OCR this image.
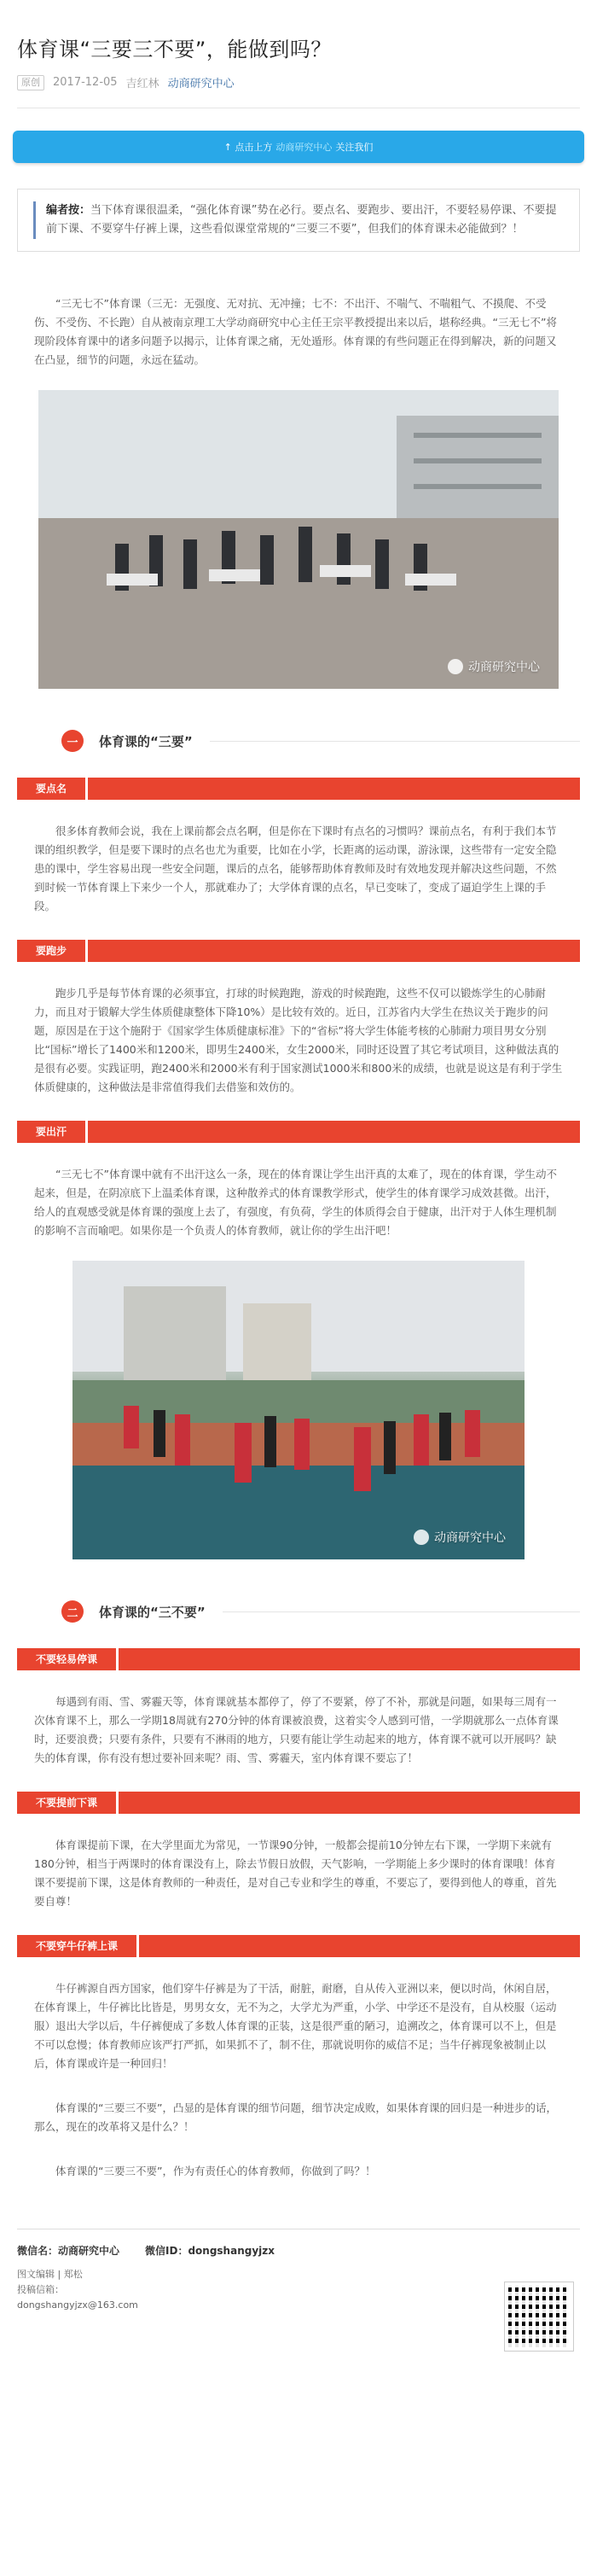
体育课“三要三不要”，能做到吗？
原创	2017-12-05 吉红林 动商研究中心
↑ 点击上方 动商研究中心 关注我们
编者按：当下体育课很温柔，“强化体育课”势在必行。要点名、要跑步、要出汗，不要轻易停课、不要提前下课、不要穿牛仔裤上课，这些看似课堂常规的“三要三不要”，但我们的体育课未必能做到？！

“三无七不”体育课（三无：无强度、无对抗、无冲撞；七不：不出汗、不喘气、不喘粗气、不摸爬、不受伤、不受伤、不长跑）自从被南京理工大学动商研究中心主任王宗平教授提出来以后，堪称经典。“三无七不”将现阶段体育课中的诸多问题予以揭示，让体育课之痛，无处遁形。体育课的有些问题正在得到解决，新的问题又在凸显，细节的问题，永远在猛动。

动商研究中心
一	体育课的“三要”
要点名

很多体育教师会说，我在上课前都会点名啊，但是你在下课时有点名的习惯吗？课前点名，有利于我们本节课的组织教学，但是要下课时的点名也尤为重要，比如在小学，长距离的运动课，游泳课，这些带有一定安全隐患的课中，学生容易出现一些安全问题，课后的点名，能够帮助体育教师及时有效地发现并解决这些问题，不然到时候一节体育课上下来少一个人，那就难办了；大学体育课的点名，早已变味了，变成了逼迫学生上课的手段。

要跑步

跑步几乎是每节体育课的必须事宜，打球的时候跑跑，游戏的时候跑跑，这些不仅可以锻炼学生的心肺耐力，而且对于锻解大学生体质健康整体下降10%）是比较有效的。近日，江苏省内大学生在热议关于跑步的问题，原因是在于这个施附于《国家学生体质健康标准》下的“省标”将大学生体能考核的心肺耐力项目男女分别比“国标”增长了1400米和1200米，即男生2400米，女生2000米，同时还设置了其它考试项目，这种做法真的是很有必要。实践证明，跑2400米和2000米有利于国家测试1000米和800米的成绩，也就是说这是有利于学生体质健康的，这种做法是非常值得我们去借鉴和效仿的。

要出汗

“三无七不”体育课中就有不出汗这么一条，现在的体育课让学生出汗真的太难了，现在的体育课，学生动不起来，但是，在阴凉底下上温柔体育课，这种散养式的体育课教学形式，使学生的体育课学习成效甚微。出汗，给人的直观感受就是体育课的强度上去了，有强度，有负荷，学生的体质得会自于健康，出汗对于人体生理机制的影响不言而喻吧。如果你是一个负责人的体育教师，就让你的学生出汗吧！

动商研究中心
二	体育课的“三不要”
不要轻易停课

每遇到有雨、雪、雾霾天等，体育课就基本都停了，停了不要紧，停了不补，那就是问题，如果每三周有一次体育课不上，那么一学期18周就有270分钟的体育课被浪费，这着实令人感到可惜，一学期就那么一点体育课时，还要浪费；只要有条件，只要有不淋雨的地方，只要有能让学生动起来的地方，体育课不就可以开展吗？缺失的体育课，你有没有想过要补回来呢？雨、雪、雾霾天，室内体育课不要忘了！

不要提前下课

体育课提前下课，在大学里面尤为常见，一节课90分钟，一般都会提前10分钟左右下课，一学期下来就有180分钟，相当于两课时的体育课没有上，除去节假日放假，天气影响，一学期能上多少课时的体育课哦！体育课不要提前下课，这是体育教师的一种责任，是对自己专业和学生的尊重，不要忘了，要得到他人的尊重，首先要自尊！

不要穿牛仔裤上课

牛仔裤源自西方国家，他们穿牛仔裤是为了干活，耐脏，耐磨，自从传入亚洲以来，便以时尚，休闲自居，在体育课上，牛仔裤比比皆是，男男女女，无不为之，大学尤为严重，小学、中学还不是没有，自从校服（运动服）退出大学以后，牛仔裤便成了多数人体育课的正装，这是很严重的陋习，追溯改之，体育课可以不上，但是不可以怠慢；体育教师应该严打严抓，如果抓不了，制不住，那就说明你的威信不足；当牛仔裤现象被制止以后，体育课或许是一种回归！

体育课的“三要三不要”，凸显的是体育课的细节问题，细节决定成败，如果体育课的回归是一种进步的话，那么，现在的改革将又是什么？！

体育课的“三要三不要”，作为有责任心的体育教师，你做到了吗？！

微信名：动商研究中心	微信ID：dongshangyjzx
图文编辑 | 郑松
投稿信箱：
dongshangyjzx@163.com
